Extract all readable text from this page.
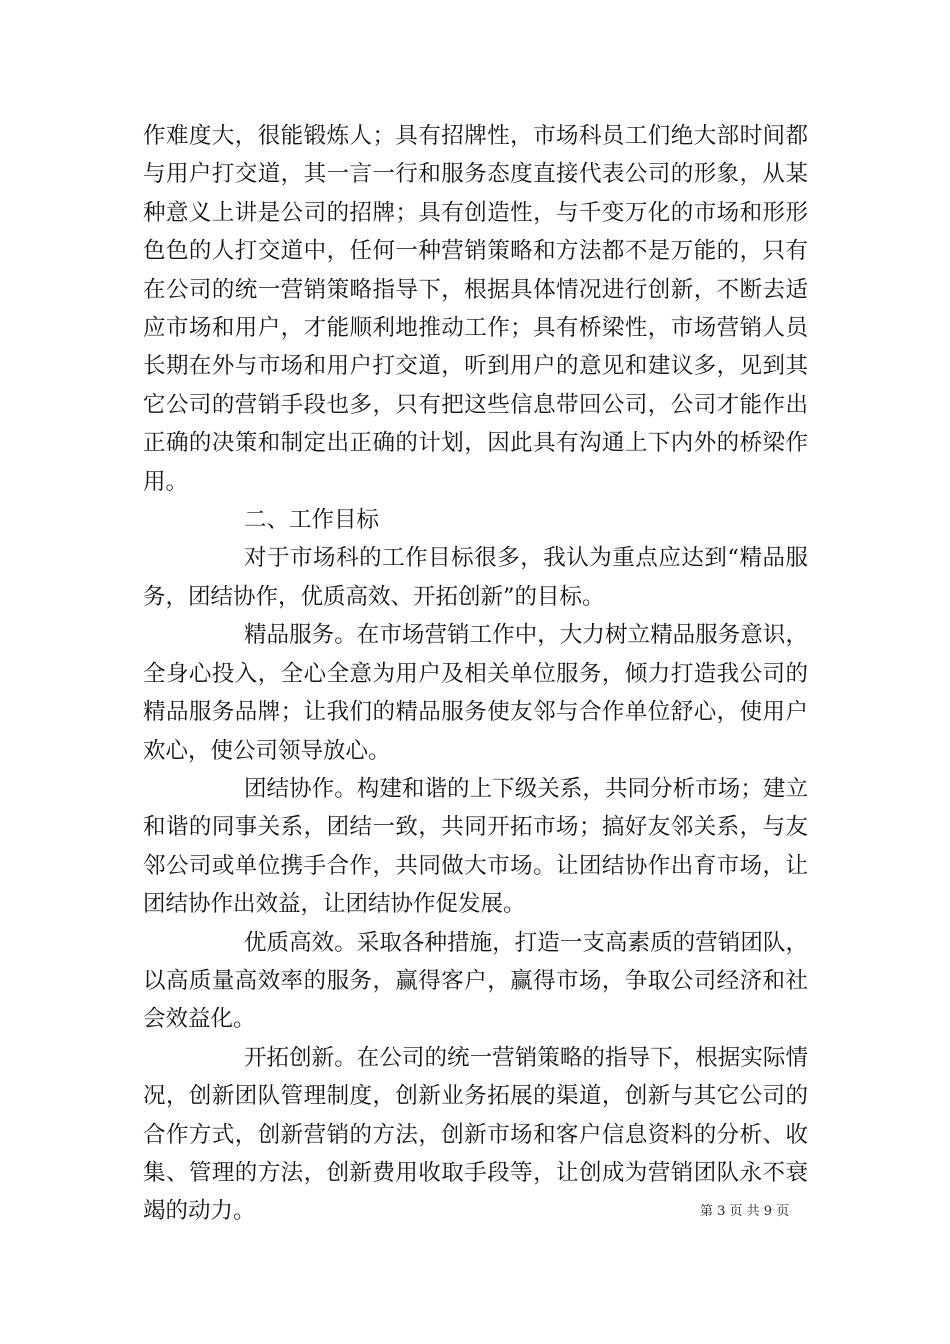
作难度大，很能锻炼人；具有招牌性，市场科员工们绝大部时间都与用户打交道，其一言一行和服务态度直接代表公司的形象，从某种意义上讲是公司的招牌；具有创造性，与千变万化的市场和形形色色的人打交道中，任何一种营销策略和方法都不是万能的，只有在公司的统一营销策略指导下，根据具体情况进行创新，不断去适应市场和用户，才能顺利地推动工作；具有桥梁性，市场营销人员长期在外与市场和用户打交道，听到用户的意见和建议多，见到其它公司的营销手段也多，只有把这些信息带回公司，公司才能作出正确的决策和制定出正确的计划，因此具有沟通上下内外的桥梁作用。

二、工作目标

对于市场科的工作目标很多，我认为重点应达到“精品服务，团结协作，优质高效、开拓创新”的目标。

精品服务。在市场营销工作中，大力树立精品服务意识，全身心投入，全心全意为用户及相关单位服务，倾力打造我公司的精品服务品牌；让我们的精品服务使友邻与合作单位舒心，使用户欢心，使公司领导放心。

团结协作。构建和谐的上下级关系，共同分析市场；建立和谐的同事关系，团结一致，共同开拓市场；搞好友邻关系，与友邻公司或单位携手合作，共同做大市场。让团结协作出育市场，让团结协作出效益，让团结协作促发展。

优质高效。采取各种措施，打造一支高素质的营销团队，以高质量高效率的服务，赢得客户，赢得市场，争取公司经济和社会效益化。

开拓创新。在公司的统一营销策略的指导下，根据实际情况，创新团队管理制度，创新业务拓展的渠道，创新与其它公司的合作方式，创新营销的方法，创新市场和客户信息资料的分析、收集、管理的方法，创新费用收取手段等，让创成为营销团队永不衰竭的动力。	第 3 页 共 9 页
